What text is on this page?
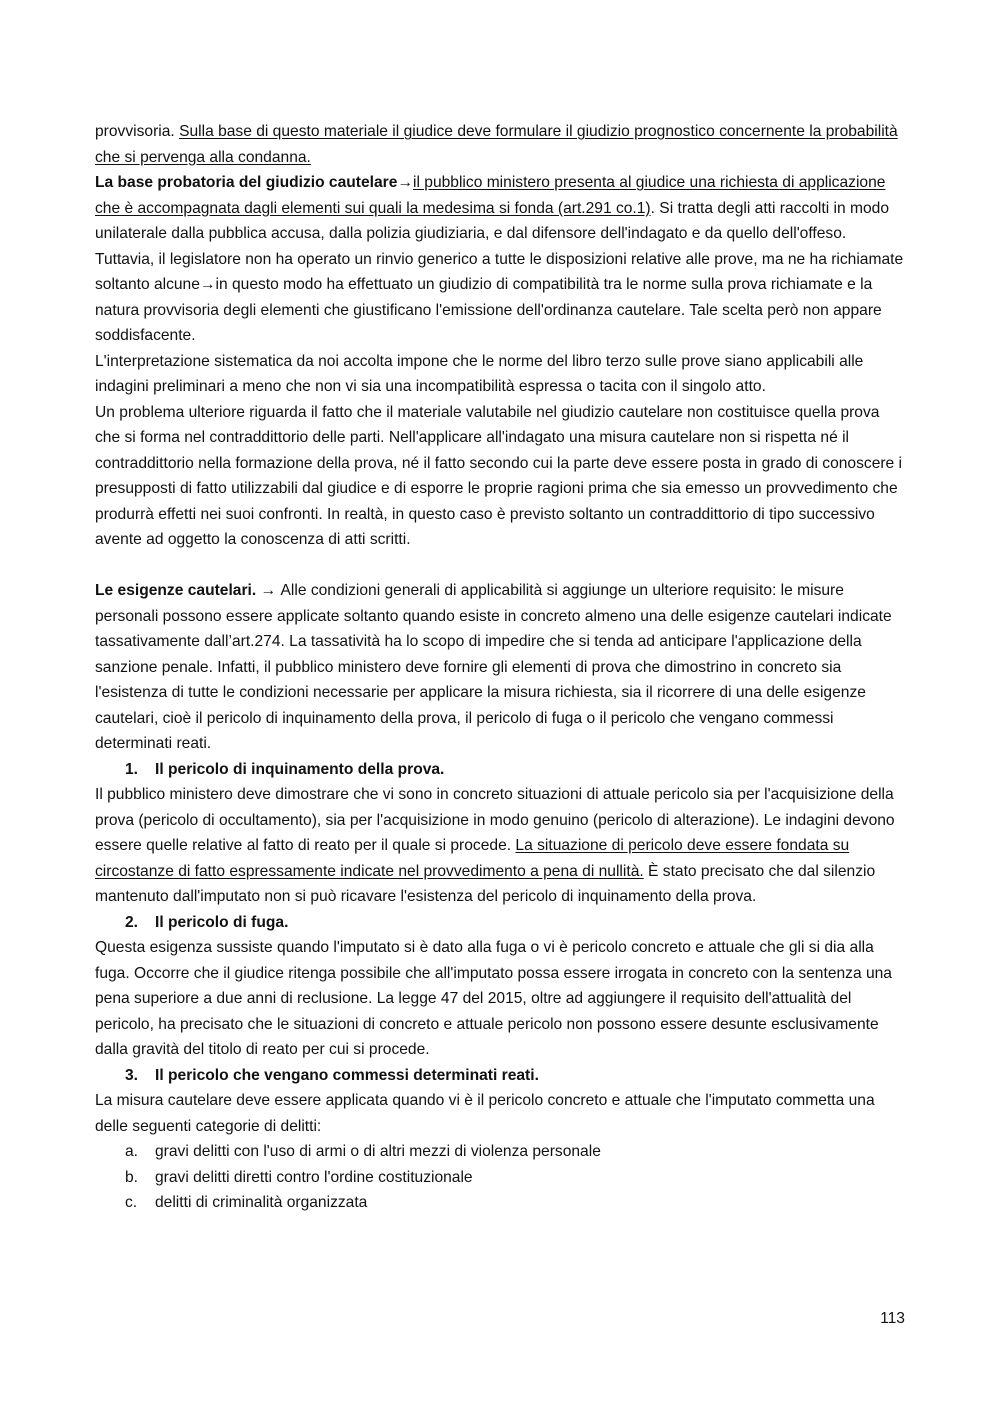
provvisoria. Sulla base di questo materiale il giudice deve formulare il giudizio prognostico concernente la probabilità che si pervenga alla condanna.

La base probatoria del giudizio cautelare→il pubblico ministero presenta al giudice una richiesta di applicazione che è accompagnata dagli elementi sui quali la medesima si fonda (art.291 co.1). Si tratta degli atti raccolti in modo unilaterale dalla pubblica accusa, dalla polizia giudiziaria, e dal difensore dell'indagato e da quello dell'offeso. Tuttavia, il legislatore non ha operato un rinvio generico a tutte le disposizioni relative alle prove, ma ne ha richiamate soltanto alcune→in questo modo ha effettuato un giudizio di compatibilità tra le norme sulla prova richiamate e la natura provvisoria degli elementi che giustificano l'emissione dell'ordinanza cautelare. Tale scelta però non appare soddisfacente.

L'interpretazione sistematica da noi accolta impone che le norme del libro terzo sulle prove siano applicabili alle indagini preliminari a meno che non vi sia una incompatibilità espressa o tacita con il singolo atto.

Un problema ulteriore riguarda il fatto che il materiale valutabile nel giudizio cautelare non costituisce quella prova che si forma nel contraddittorio delle parti. Nell'applicare all'indagato una misura cautelare non si rispetta né il contraddittorio nella formazione della prova, né il fatto secondo cui la parte deve essere posta in grado di conoscere i presupposti di fatto utilizzabili dal giudice e di esporre le proprie ragioni prima che sia emesso un provvedimento che produrrà effetti nei suoi confronti. In realtà, in questo caso è previsto soltanto un contraddittorio di tipo successivo avente ad oggetto la conoscenza di atti scritti.

Le esigenze cautelari. → Alle condizioni generali di applicabilità si aggiunge un ulteriore requisito: le misure personali possono essere applicate soltanto quando esiste in concreto almeno una delle esigenze cautelari indicate tassativamente dall’art.274. La tassatività ha lo scopo di impedire che si tenda ad anticipare l'applicazione della sanzione penale. Infatti, il pubblico ministero deve fornire gli elementi di prova che dimostrino in concreto sia l'esistenza di tutte le condizioni necessarie per applicare la misura richiesta, sia il ricorrere di una delle esigenze cautelari, cioè il pericolo di inquinamento della prova, il pericolo di fuga o il pericolo che vengano commessi determinati reati.

1. Il pericolo di inquinamento della prova.

Il pubblico ministero deve dimostrare che vi sono in concreto situazioni di attuale pericolo sia per l'acquisizione della prova (pericolo di occultamento), sia per l'acquisizione in modo genuino (pericolo di alterazione). Le indagini devono essere quelle relative al fatto di reato per il quale si procede. La situazione di pericolo deve essere fondata su circostanze di fatto espressamente indicate nel provvedimento a pena di nullità. È stato precisato che dal silenzio mantenuto dall'imputato non si può ricavare l'esistenza del pericolo di inquinamento della prova.

2. Il pericolo di fuga.

Questa esigenza sussiste quando l'imputato si è dato alla fuga o vi è pericolo concreto e attuale che gli si dia alla fuga. Occorre che il giudice ritenga possibile che all'imputato possa essere irrogata in concreto con la sentenza una pena superiore a due anni di reclusione. La legge 47 del 2015, oltre ad aggiungere il requisito dell'attualità del pericolo, ha precisato che le situazioni di concreto e attuale pericolo non possono essere desunte esclusivamente dalla gravità del titolo di reato per cui si procede.

3. Il pericolo che vengano commessi determinati reati.

La misura cautelare deve essere applicata quando vi è il pericolo concreto e attuale che l'imputato commetta una delle seguenti categorie di delitti:

a. gravi delitti con l'uso di armi o di altri mezzi di violenza personale

b. gravi delitti diretti contro l'ordine costituzionale

c. delitti di criminalità organizzata

113
